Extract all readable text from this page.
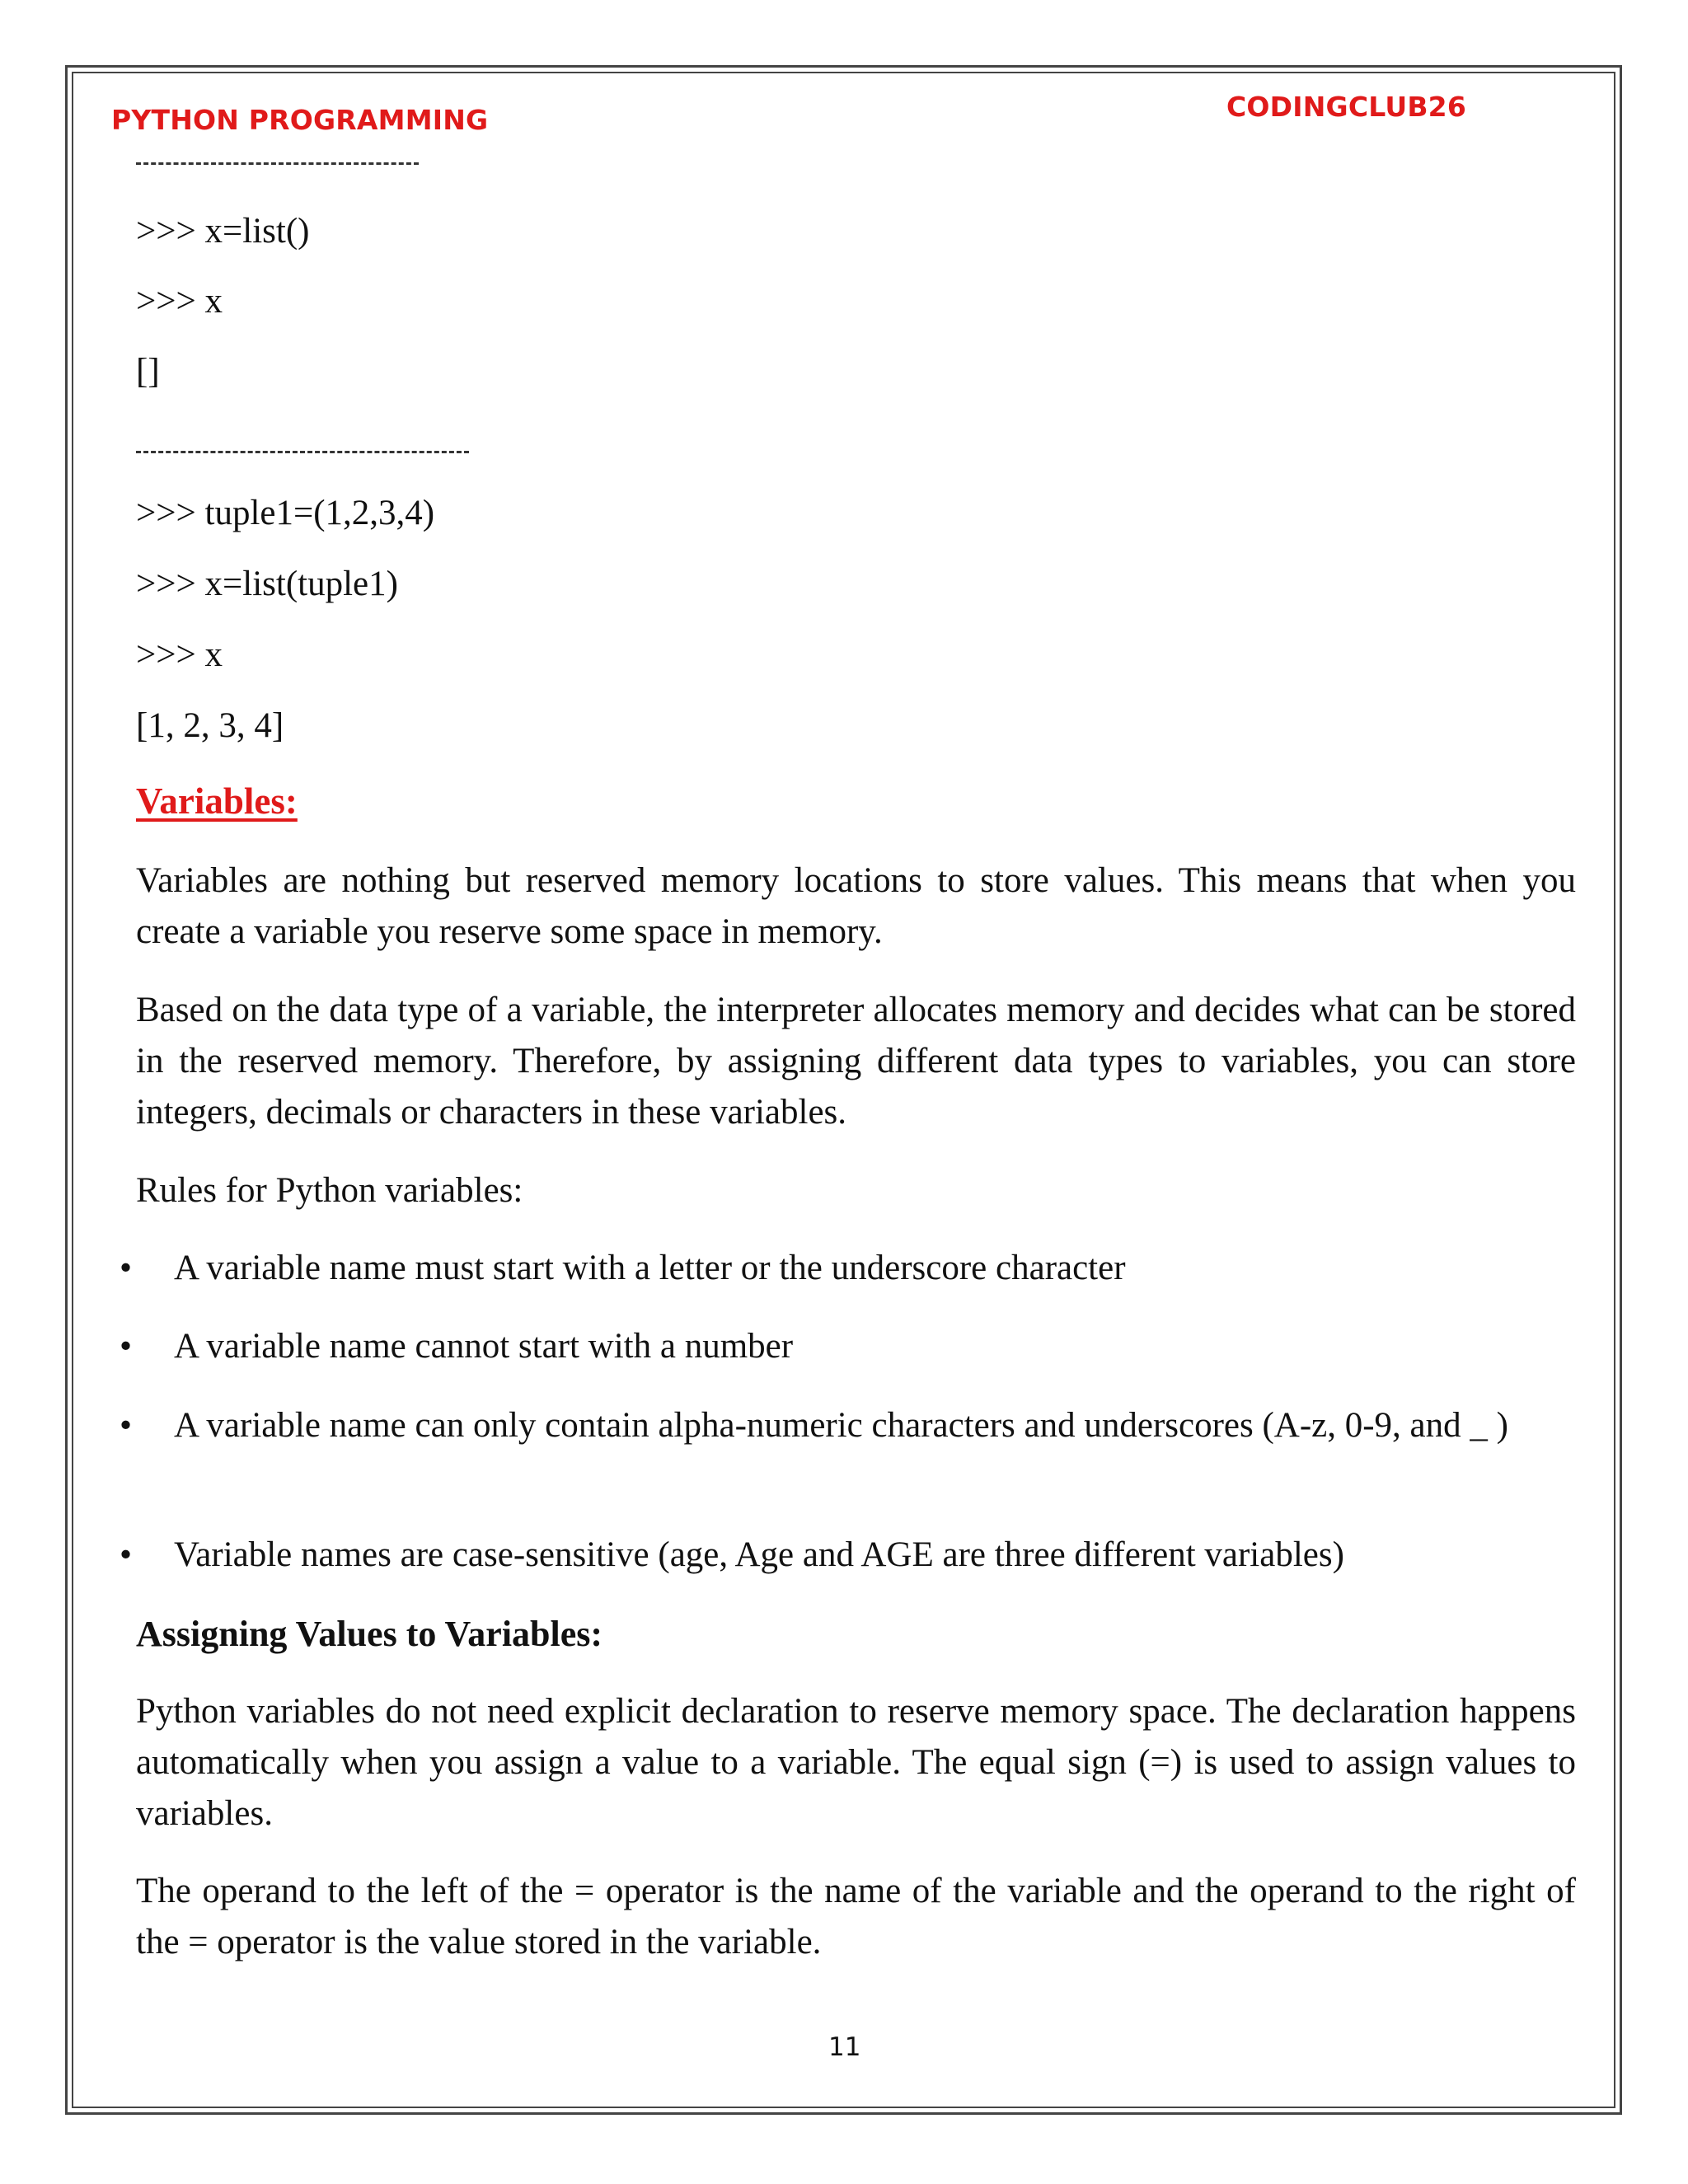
PYTHON PROGRAMMING	CODINGCLUB26
>>> x=list()
>>> x
[]
>>> tuple1=(1,2,3,4)
>>> x=list(tuple1)
>>> x
[1, 2, 3, 4]
Variables:
Variables are nothing but reserved memory locations to store values. This means that when you create a variable you reserve some space in memory.
Based on the data type of a variable, the interpreter allocates memory and decides what can be stored in the reserved memory. Therefore, by assigning different data types to variables, you can store integers, decimals or characters in these variables.
Rules for Python variables:
• A variable name must start with a letter or the underscore character
• A variable name cannot start with a number
• A variable name can only contain alpha-numeric characters and underscores (A-z, 0-9, and _ )
• Variable names are case-sensitive (age, Age and AGE are three different variables)
Assigning Values to Variables:
Python variables do not need explicit declaration to reserve memory space. The declaration happens automatically when you assign a value to a variable. The equal sign (=) is used to assign values to variables.
The operand to the left of the = operator is the name of the variable and the operand to the right of the = operator is the value stored in the variable.
11
